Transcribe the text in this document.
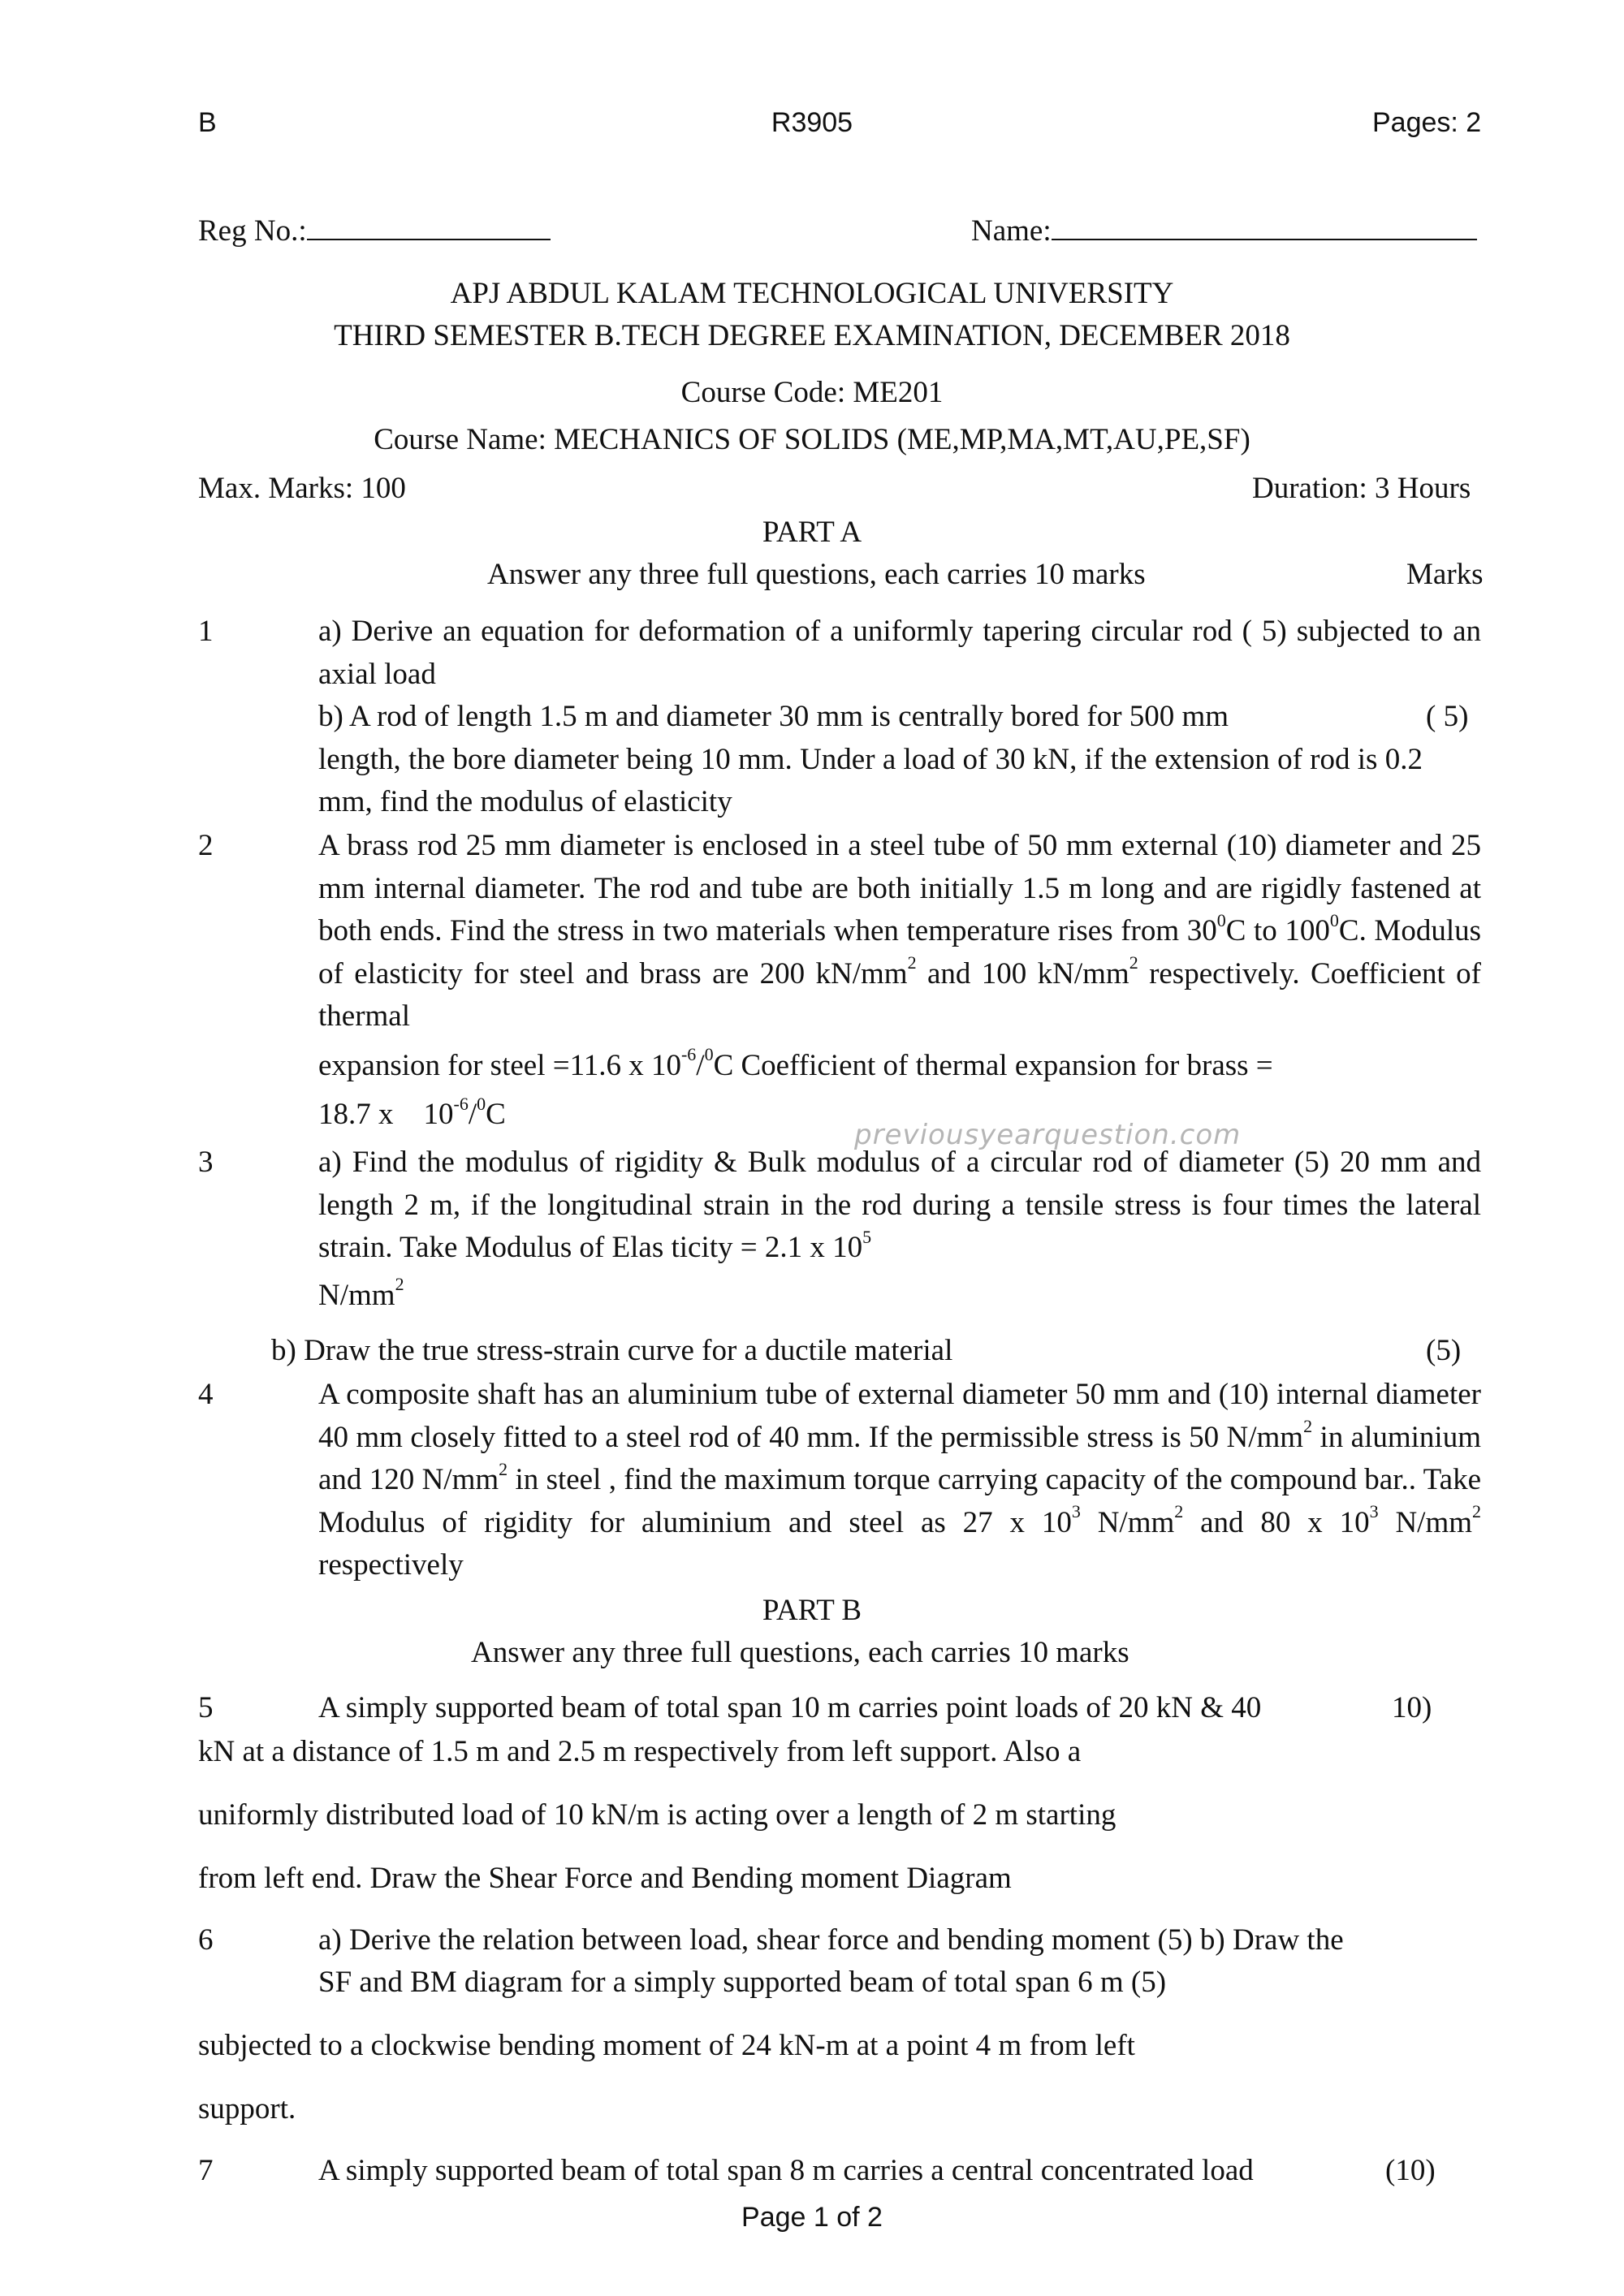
B	R3905	Pages: 2
Reg No.:	Name:
APJ ABDUL KALAM TECHNOLOGICAL UNIVERSITY
THIRD SEMESTER B.TECH DEGREE EXAMINATION, DECEMBER 2018
Course Code: ME201
Course Name: MECHANICS OF SOLIDS (ME,MP,MA,MT,AU,PE,SF)
Max. Marks: 100	Duration: 3 Hours
PART A
Answer any three full questions, each carries 10 marks	Marks
1	a) Derive an equation for deformation of a uniformly tapering circular rod ( 5) subjected to an axial load

b) A rod of length 1.5 m and diameter 30 mm is centrally bored for 500 mm

length, the bore diameter being 10 mm. Under a load of 30 kN, if the extension of rod is 0.2 mm, find the modulus of elasticity

( 5)
2	A brass rod 25 mm diameter is enclosed in a steel tube of 50 mm external (10) diameter and 25 mm internal diameter. The rod and tube are both initially 1.5 m long and are rigidly fastened at both ends. Find the stress in two materials when temperature rises from $30^0C$ to $100^0C$. Modulus of elasticity for steel and brass are 200 $kN/mm^2$ and 100 $kN/mm^2$ respectively. Coefficient of thermal

expansion for steel =11.6 x $10^{-6}/^0C$ Coefficient of thermal expansion for brass =

18.7 x    $10^{-6}/^0C$

3	a) Find the modulus of rigidity & Bulk modulus of a circular rod of diameter (5) 20 mm and length 2 m, if the longitudinal strain in the rod during a tensile stress is four times the lateral strain. Take Modulus of Elas ticity = 2.1 x $10^5$

$N/mm^2$

b) Draw the true stress-strain curve for a ductile material	(5)
4	A composite shaft has an aluminium tube of external diameter 50 mm and (10) internal diameter 40 mm closely fitted to a steel rod of 40 mm. If the permissible stress is 50 $N/mm^2$ in aluminium and 120 $N/mm^2$ in steel , find the maximum torque carrying capacity of the compound bar.. Take Modulus of rigidity for aluminium and steel as 27 x $10^3$ $N/mm^2$ and 80 x $10^3$ $N/mm^2$ respectively

PART B
Answer any three full questions, each carries 10 marks
5	A simply supported beam of total span 10 m carries point loads of 20 kN & 40	10)
kN at a distance of 1.5 m and 2.5 m respectively from left support. Also a
uniformly distributed load of 10 kN/m is acting over a length of 2 m starting
from left end. Draw the Shear Force and Bending moment Diagram
6	a) Derive the relation between load, shear force and bending moment (5) b) Draw the
SF and BM diagram for a simply supported beam of total span 6 m (5)
subjected to a clockwise bending moment of 24 kN-m at a point 4 m from left
support.
7	A simply supported beam of total span 8 m carries a central concentrated load	(10)
previousyearquestion.com
Page 1 of 2
